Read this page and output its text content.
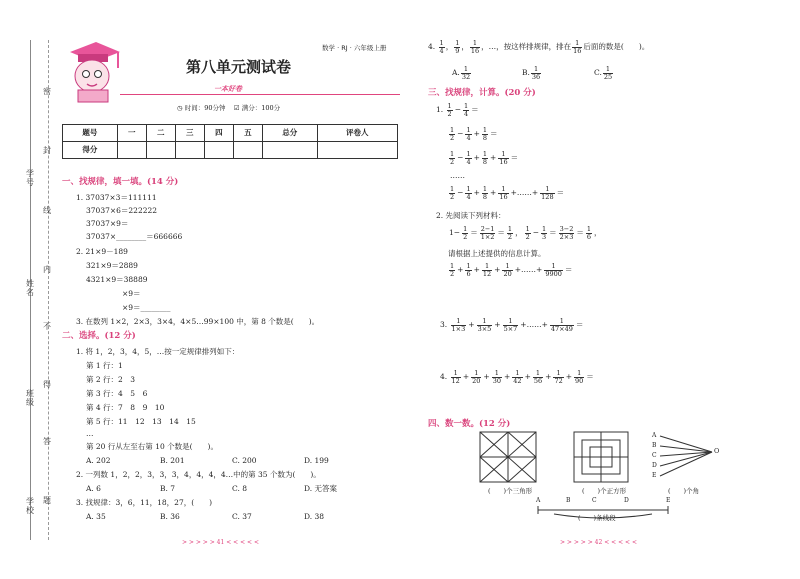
密
封
线
内
不
得
答
题
学号
姓名
班级
学校
数学 · RJ · 六年级上册
第八单元测试卷
一本好卷
◷ 时间：90分钟 ☑ 满分：100分
题号	一	二	三	四	五	总分	评卷人
得分							
一、找规律，填一填。(14 分)
1. 37037×3＝111111
37037×6＝222222
37037×9＝
37037×________＝666666
2. 21×9－189
321×9＝2889
4321×9＝38889
×9＝
×9＝________
3. 在数列 1×2，2×3，3×4，4×5…99×100 中，第 8 个数是(　　)。
二、选择。(12 分)
1. 将 1，2，3，4，5，…按一定规律排列如下：
第 1 行：1
第 2 行：2　3
第 3 行：4　5　6
第 4 行：7　8　9　10
第 5 行：11　12　13　14　15
…
第 20 行从左至右第 10 个数是(　　)。
A. 202	B. 201	C. 200	D. 199
2. 一列数 1，2，2，3，3，3，4，4，4，4…中的第 35 个数为(　　)。
A. 6	B. 7	C. 8	D. 无答案
3. 找规律：3，6，11，18，27，(　　)
A. 35	B. 36	C. 37	D. 38
> > > > > 41 < < < < <
4. $\frac{1}{4}$ ， $\frac{1}{9}$ ， $\frac{1}{16}$ ，…，按这样排规律，排在 $\frac{1}{16}$ 后面的数是(　　)。
A. $\frac{1}{32}$	B. $\frac{1}{36}$	C. $\frac{1}{25}$
三、找规律，计算。(20 分)
1. $\frac{1}{2} - \frac{1}{4}$ ＝
$\frac{1}{2} - \frac{1}{4} + \frac{1}{8}$ ＝
$\frac{1}{2} - \frac{1}{4} + \frac{1}{8} + \frac{1}{16}$ ＝
……
$\frac{1}{2} - \frac{1}{4} + \frac{1}{8} + \frac{1}{16}$ +……+ $\frac{1}{128}$ ＝
2. 先阅读下列材料：
$1- \frac{1}{2} = \frac{2-1}{1\times 2} = \frac{1}{2}$ ， $\frac{1}{2} - \frac{1}{3} = \frac{3-2}{2\times 3} = \frac{1}{6}$ ，
请根据上述提供的信息计算。
$\frac{1}{2} + \frac{1}{6} + \frac{1}{12} + \frac{1}{20}$ +……+ $\frac{1}{9900}$ ＝
3. $\frac{1}{1\times 3} + \frac{1}{3\times 5} + \frac{1}{5\times 7}$ +……+ $\frac{1}{47\times 49}$ ＝
4. $\frac{1}{12} + \frac{1}{20} + \frac{1}{30} + \frac{1}{42} + \frac{1}{56} + \frac{1}{72} + \frac{1}{90}$ ＝
四、数一数。(12 分)
(　　)个三角形	(　　)个正方形
A
B
C
D
E
O
(　　)个角
A	B	C	D	E
(　　)条线段
> > > > > 42 < < < < <
